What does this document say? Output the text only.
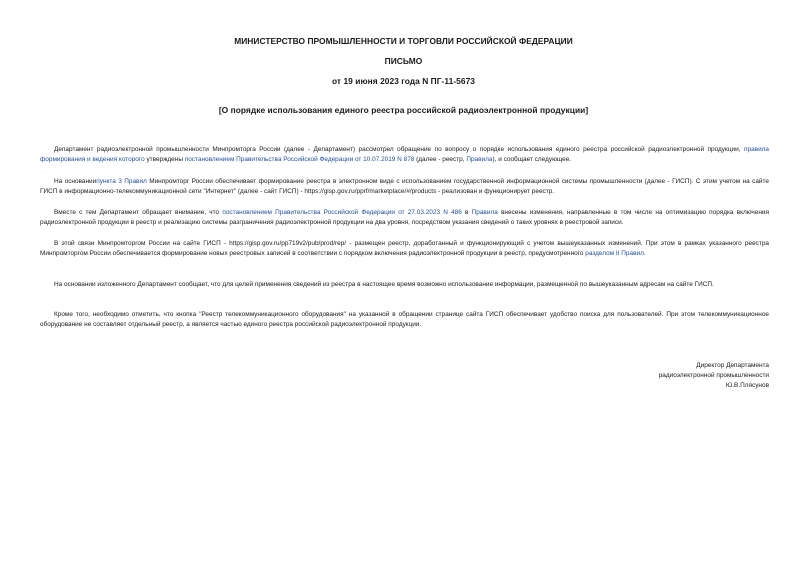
МИНИСТЕРСТВО ПРОМЫШЛЕННОСТИ И ТОРГОВЛИ РОССИЙСКОЙ ФЕДЕРАЦИИ
ПИСЬМО
от 19 июня 2023 года N ПГ-11-5673
[О порядке использования единого реестра российской радиоэлектронной продукции]

Департамент радиоэлектронной промышленности Минпромторга России (далее - Департамент) рассмотрел обращение по вопросу о порядке использования единого реестра российской радиоэлектронной продукции, правила формирования и ведения которого утверждены постановлением Правительства Российской Федерации от 10.07.2019 N 878 (далее - реестр, Правила), и сообщает следующее.

На основаниипункта 3 Правил Минпромторг России обеспечивает формирование реестра в электронном виде с использованием государственной информационной системы промышленности (далее - ГИСП). С этим учетом на сайте ГИСП в информационно-телекоммуникационной сети "Интернет" (далее - сайт ГИСП) - https://gisp.gov.ru/pprf/marketplace/#/products - реализован и функционирует реестр.

Вместе с тем Департамент обращает внимание, что постановлением Правительства Российской Федерации от 27.03.2023 N 486 в Правила внесены изменения, направленные в том числе на оптимизацию порядка включения радиоэлектронной продукции в реестр и реализацию системы разграничения радиоэлектронной продукции на два уровня, посредством указания сведений о таких уровнях в реестровой записи.

В этой связи Минпромторгом России на сайте ГИСП - https://gisp.gov.ru/pp719v2/pub/prod/rep/ - размещен реестр, доработанный и функционирующий с учетом вышеуказанных изменений. При этом в рамках указанного реестра Минпромторгом России обеспечивается формирование новых реестровых записей в соответствии с порядком включения радиоэлектронной продукции в реестр, предусмотренного разделом II Правил.

На основании изложенного Департамент сообщает, что для целей применения сведений из реестра в настоящее время возможно использование информации, размещенной по вышеуказанным адресам на сайте ГИСП.

Кроме того, необходимо отметить, что кнопка "Реестр телекоммуникационного оборудования" на указанной в обращении странице сайта ГИСП обеспечивает удобство поиска для пользователей. При этом телекоммуникационное оборудование не составляет отдельный реестр, а является частью единого реестра российской радиоэлектронной продукции.

Директор Департамента
радиоэлектронной промышленности
Ю.В.Плясунов
